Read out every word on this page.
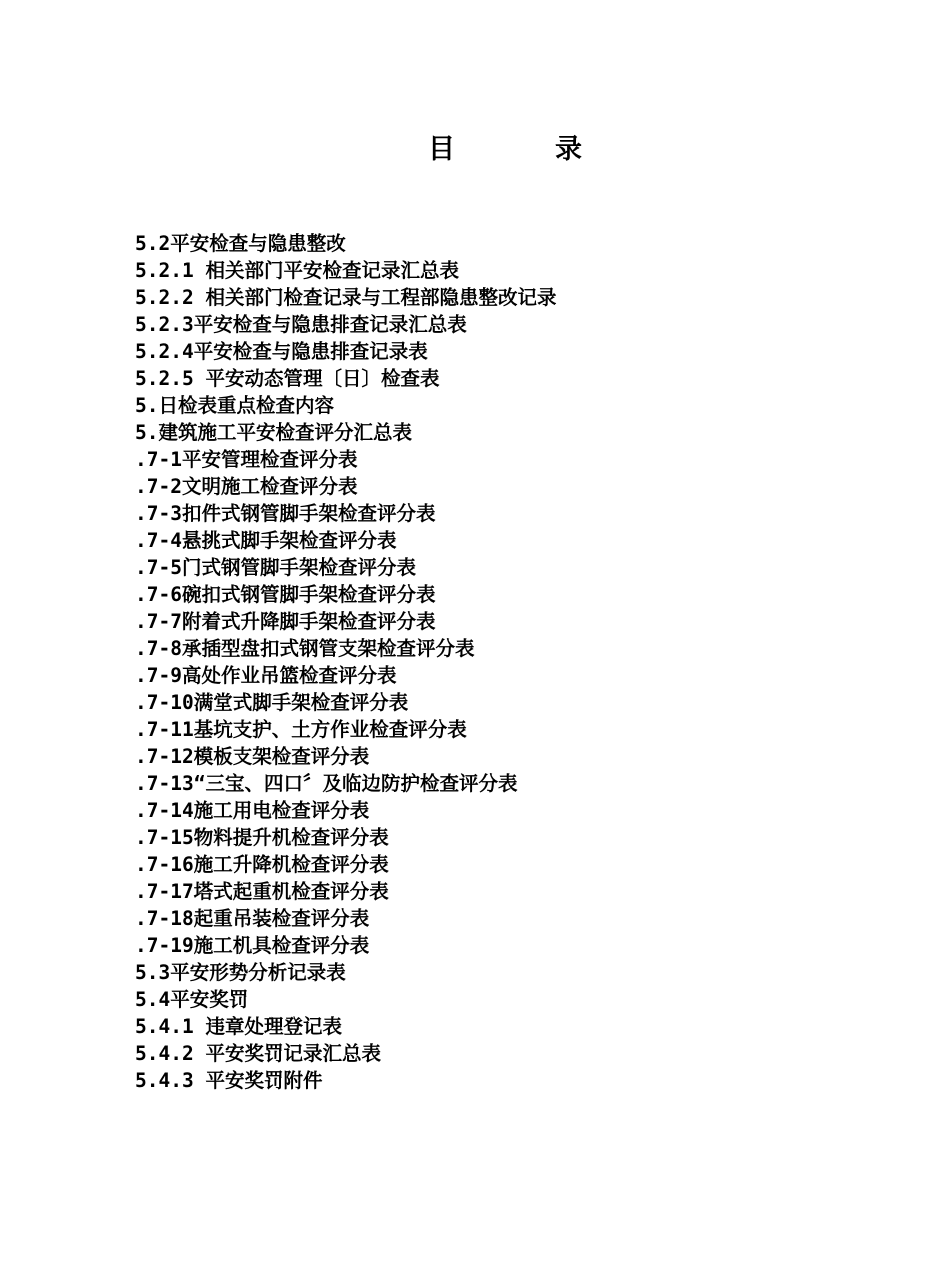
目	录
5.2平安检查与隐患整改
5.2.1 相关部门平安检查记录汇总表
5.2.2 相关部门检查记录与工程部隐患整改记录
5.2.3平安检查与隐患排查记录汇总表
5.2.4平安检查与隐患排查记录表
5.2.5 平安动态管理〔日〕检查表
5.日检表重点检查内容
5.建筑施工平安检查评分汇总表
.7-1平安管理检查评分表
.7-2文明施工检查评分表
.7-3扣件式钢管脚手架检查评分表
.7-4悬挑式脚手架检查评分表
.7-5门式钢管脚手架检查评分表
.7-6碗扣式钢管脚手架检查评分表
.7-7附着式升降脚手架检查评分表
.7-8承插型盘扣式钢管支架检查评分表
.7-9高处作业吊篮检查评分表
.7-10满堂式脚手架检查评分表
.7-11基坑支护、土方作业检查评分表
.7-12模板支架检查评分表
.7-13“三宝、四口〞及临边防护检查评分表
.7-14施工用电检查评分表
.7-15物料提升机检查评分表
.7-16施工升降机检查评分表
.7-17塔式起重机检查评分表
.7-18起重吊装检查评分表
.7-19施工机具检查评分表
5.3平安形势分析记录表
5.4平安奖罚
5.4.1 违章处理登记表
5.4.2 平安奖罚记录汇总表
5.4.3 平安奖罚附件
